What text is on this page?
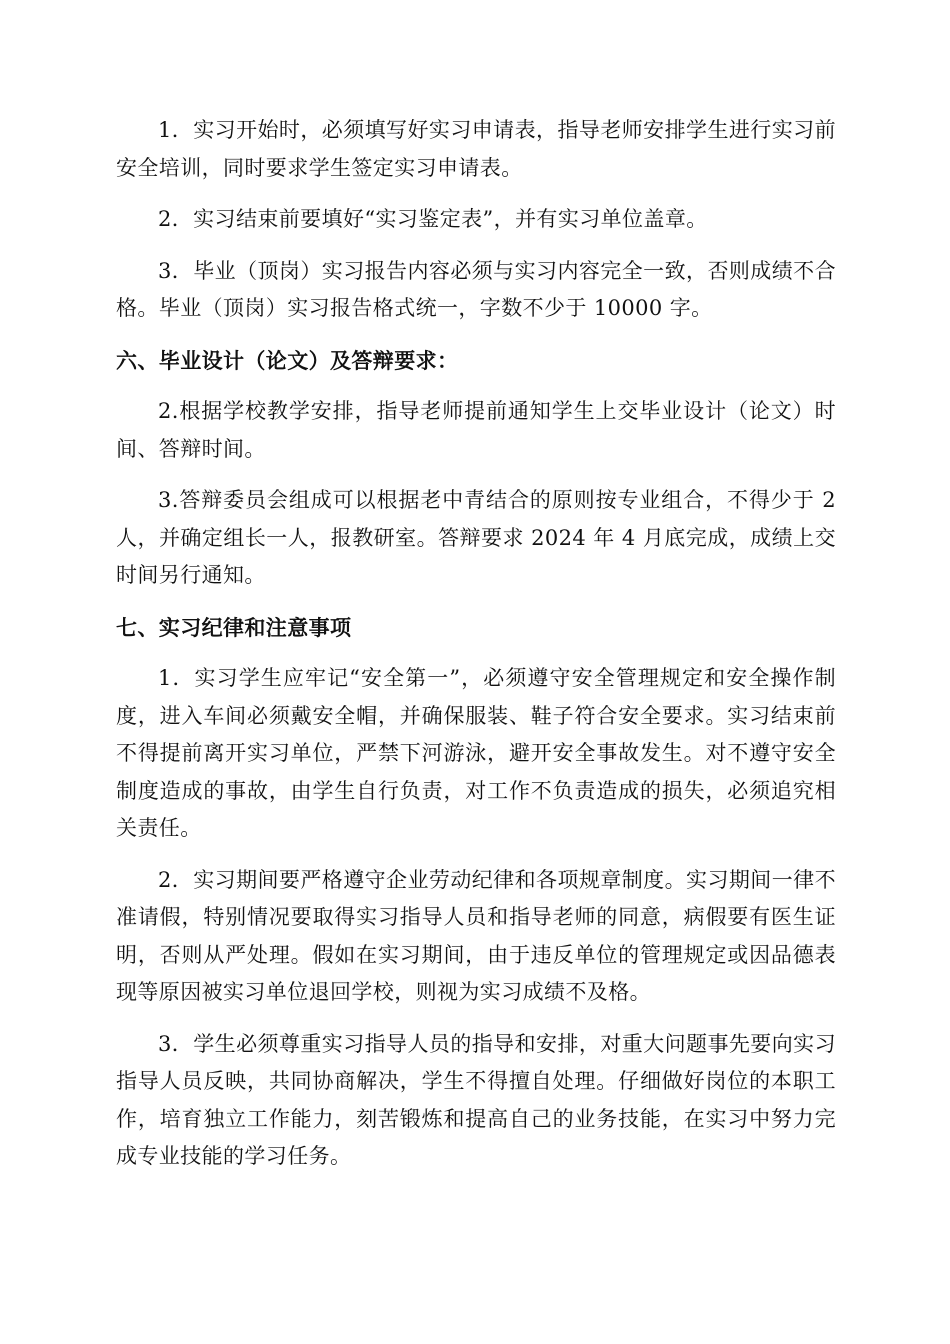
1．实习开始时，必须填写好实习申请表，指导老师安排学生进行实习前安全培训，同时要求学生签定实习申请表。

2．实习结束前要填好“实习鉴定表”，并有实习单位盖章。

3．毕业（顶岗）实习报告内容必须与实习内容完全一致，否则成绩不合格。毕业（顶岗）实习报告格式统一，字数不少于 10000 字。

六、毕业设计（论文）及答辩要求：

2.根据学校教学安排，指导老师提前通知学生上交毕业设计（论文）时间、答辩时间。

3.答辩委员会组成可以根据老中青结合的原则按专业组合，不得少于 2 人，并确定组长一人，报教研室。答辩要求 2024 年 4 月底完成，成绩上交时间另行通知。

七、实习纪律和注意事项

1．实习学生应牢记“安全第一”，必须遵守安全管理规定和安全操作制度，进入车间必须戴安全帽，并确保服装、鞋子符合安全要求。实习结束前不得提前离开实习单位，严禁下河游泳，避开安全事故发生。对不遵守安全制度造成的事故，由学生自行负责，对工作不负责造成的损失，必须追究相关责任。

2．实习期间要严格遵守企业劳动纪律和各项规章制度。实习期间一律不准请假，特别情况要取得实习指导人员和指导老师的同意，病假要有医生证明，否则从严处理。假如在实习期间，由于违反单位的管理规定或因品德表现等原因被实习单位退回学校，则视为实习成绩不及格。

3．学生必须尊重实习指导人员的指导和安排，对重大问题事先要向实习指导人员反映，共同协商解决，学生不得擅自处理。仔细做好岗位的本职工作，培育独立工作能力，刻苦锻炼和提高自己的业务技能，在实习中努力完成专业技能的学习任务。
